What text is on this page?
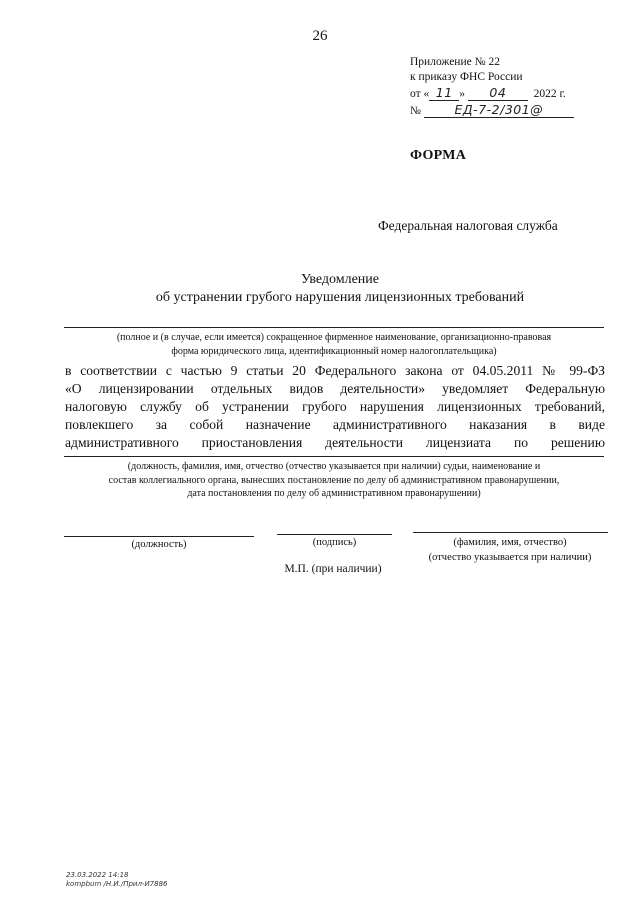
26
Приложение № 22
к приказу ФНС России
от « 11 » 04 2022 г.
№	ЕД-7-2/301@
ФОРМА
Федеральная налоговая служба
Уведомление
об устранении грубого нарушения лицензионных требований
(полное и (в случае, если имеется) сокращенное фирменное наименование, организационно-правовая
форма юридического лица, идентификационный номер налогоплательщика)
в соответствии с частью 9 статьи 20 Федерального закона от 04.05.2011 № 99-ФЗ
«О лицензировании отдельных видов деятельности» уведомляет Федеральную
налоговую службу об устранении грубого нарушения лицензионных требований,
повлекшего за собой назначение административного наказания в виде
административного приостановления деятельности лицензиата по решению
(должность, фамилия, имя, отчество (отчество указывается при наличии) судьи, наименование и
состав коллегиального органа, вынесших постановление по делу об административном правонарушении,
дата постановления по делу об административном правонарушении)
(должность)	(подпись)	(фамилия, имя, отчество)
(отчество указывается при наличии)
М.П. (при наличии)
23.03.2022 14:18
kompbum /Н.И./Прил-И7886
